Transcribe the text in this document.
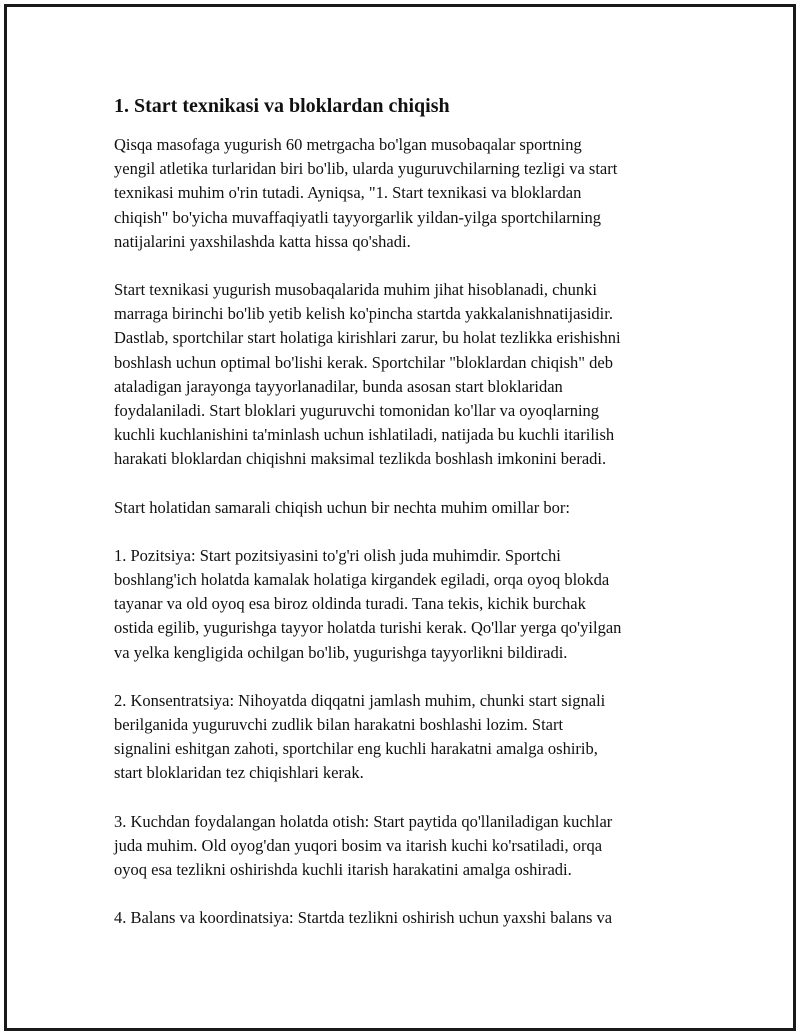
1. Start texnikasi va bloklardan chiqish

Qisqa masofaga yugurish 60 metrgacha bo'lgan musobaqalar sportning
yengil atletika turlaridan biri bo'lib, ularda yuguruvchilarning tezligi va start
texnikasi muhim o'rin tutadi. Ayniqsa, "1. Start texnikasi va bloklardan
chiqish" bo'yicha muvaffaqiyatli tayyorgarlik yildan-yilga sportchilarning
natijalarini yaxshilashda katta hissa qo'shadi.

Start texnikasi yugurish musobaqalarida muhim jihat hisoblanadi, chunki
marraga birinchi bo'lib yetib kelish ko'pincha startda yakkalanishnatijasidir.
Dastlab, sportchilar start holatiga kirishlari zarur, bu holat tezlikka erishishni
boshlash uchun optimal bo'lishi kerak. Sportchilar "bloklardan chiqish" deb
ataladigan jarayonga tayyorlanadilar, bunda asosan start bloklaridan
foydalaniladi. Start bloklari yuguruvchi tomonidan ko'llar va oyoqlarning
kuchli kuchlanishini ta'minlash uchun ishlatiladi, natijada bu kuchli itarilish
harakati bloklardan chiqishni maksimal tezlikda boshlash imkonini beradi.

Start holatidan samarali chiqish uchun bir nechta muhim omillar bor:

1. Pozitsiya: Start pozitsiyasini to'g'ri olish juda muhimdir. Sportchi
boshlang'ich holatda kamalak holatiga kirgandek egiladi, orqa oyoq blokda
tayanar va old oyoq esa biroz oldinda turadi. Tana tekis, kichik burchak
ostida egilib, yugurishga tayyor holatda turishi kerak. Qo'llar yerga qo'yilgan
va yelka kengligida ochilgan bo'lib, yugurishga tayyorlikni bildiradi.

2. Konsentratsiya: Nihoyatda diqqatni jamlash muhim, chunki start signali
berilganida yuguruvchi zudlik bilan harakatni boshlashi lozim. Start
signalini eshitgan zahoti, sportchilar eng kuchli harakatni amalga oshirib,
start bloklaridan tez chiqishlari kerak.

3. Kuchdan foydalangan holatda otish: Start paytida qo'llaniladigan kuchlar
juda muhim. Old oyog'dan yuqori bosim va itarish kuchi ko'rsatiladi, orqa
oyoq esa tezlikni oshirishda kuchli itarish harakatini amalga oshiradi.

4. Balans va koordinatsiya: Startda tezlikni oshirish uchun yaxshi balans va
